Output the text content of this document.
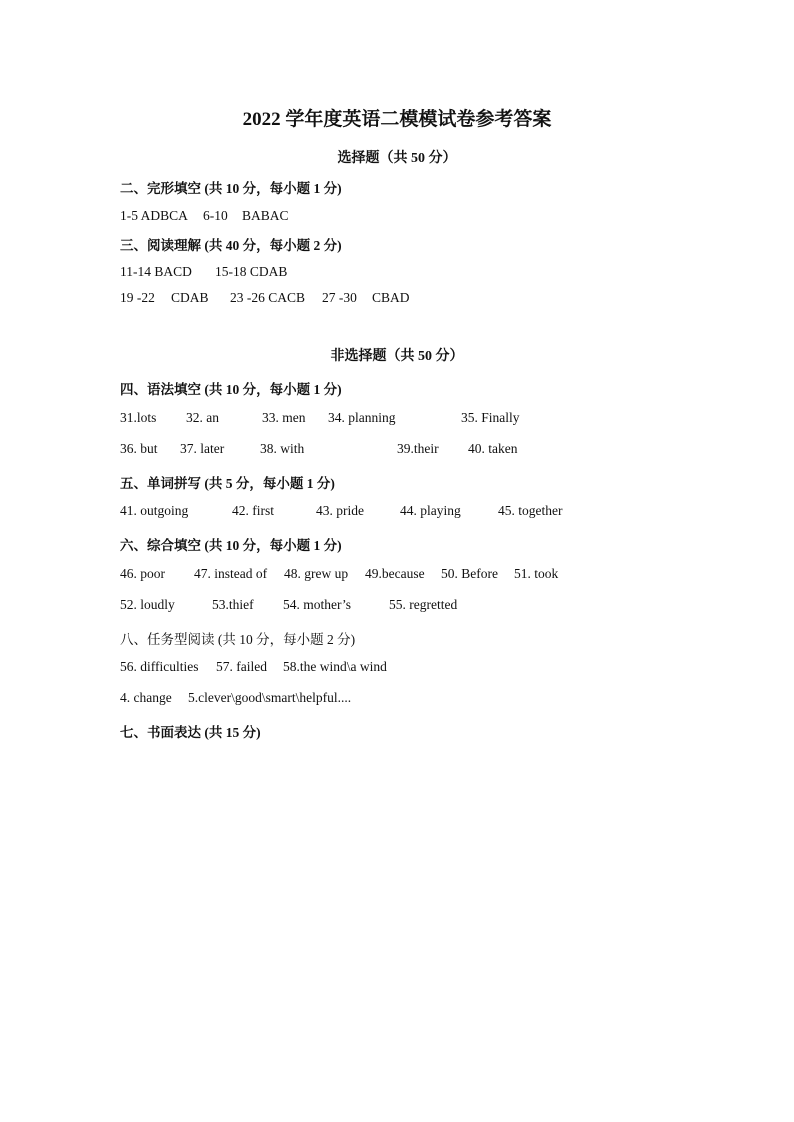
2022 学年度英语二模模试卷参考答案
选择题（共 50 分）
二、完形填空 (共 10 分，每小题 1 分)
1-5 ADBCA 6-10 BABAC
三、阅读理解 (共 40 分，每小题 2 分)
11-14 BACD 15-18 CDAB
19 -22 CDAB 23 -26 CACB 27 -30 CBAD
非选择题（共 50 分）
四、语法填空 (共 10 分，每小题 1 分)
31.lots 32. an	33. men 34. planning	35. Finally
36. but 37. later	38. with	39.their 40. taken
五、单词拼写 (共 5 分，每小题 1 分)
41. outgoing	42. first	43. pride	44. playing	45. together
六、综合填空 (共 10 分，每小题 1 分)
46. poor 47. instead of 48. grew up 49.because 50. Before 51. took
52. loudly	53.thief 54. mother’s	55. regretted
八、任务型阅读 (共 10 分，每小题 2 分)
56. difficulties 57. failed 58.the wind\a wind
4. change 5.clever\good\smart\helpful....
七、书面表达 (共 15 分)
